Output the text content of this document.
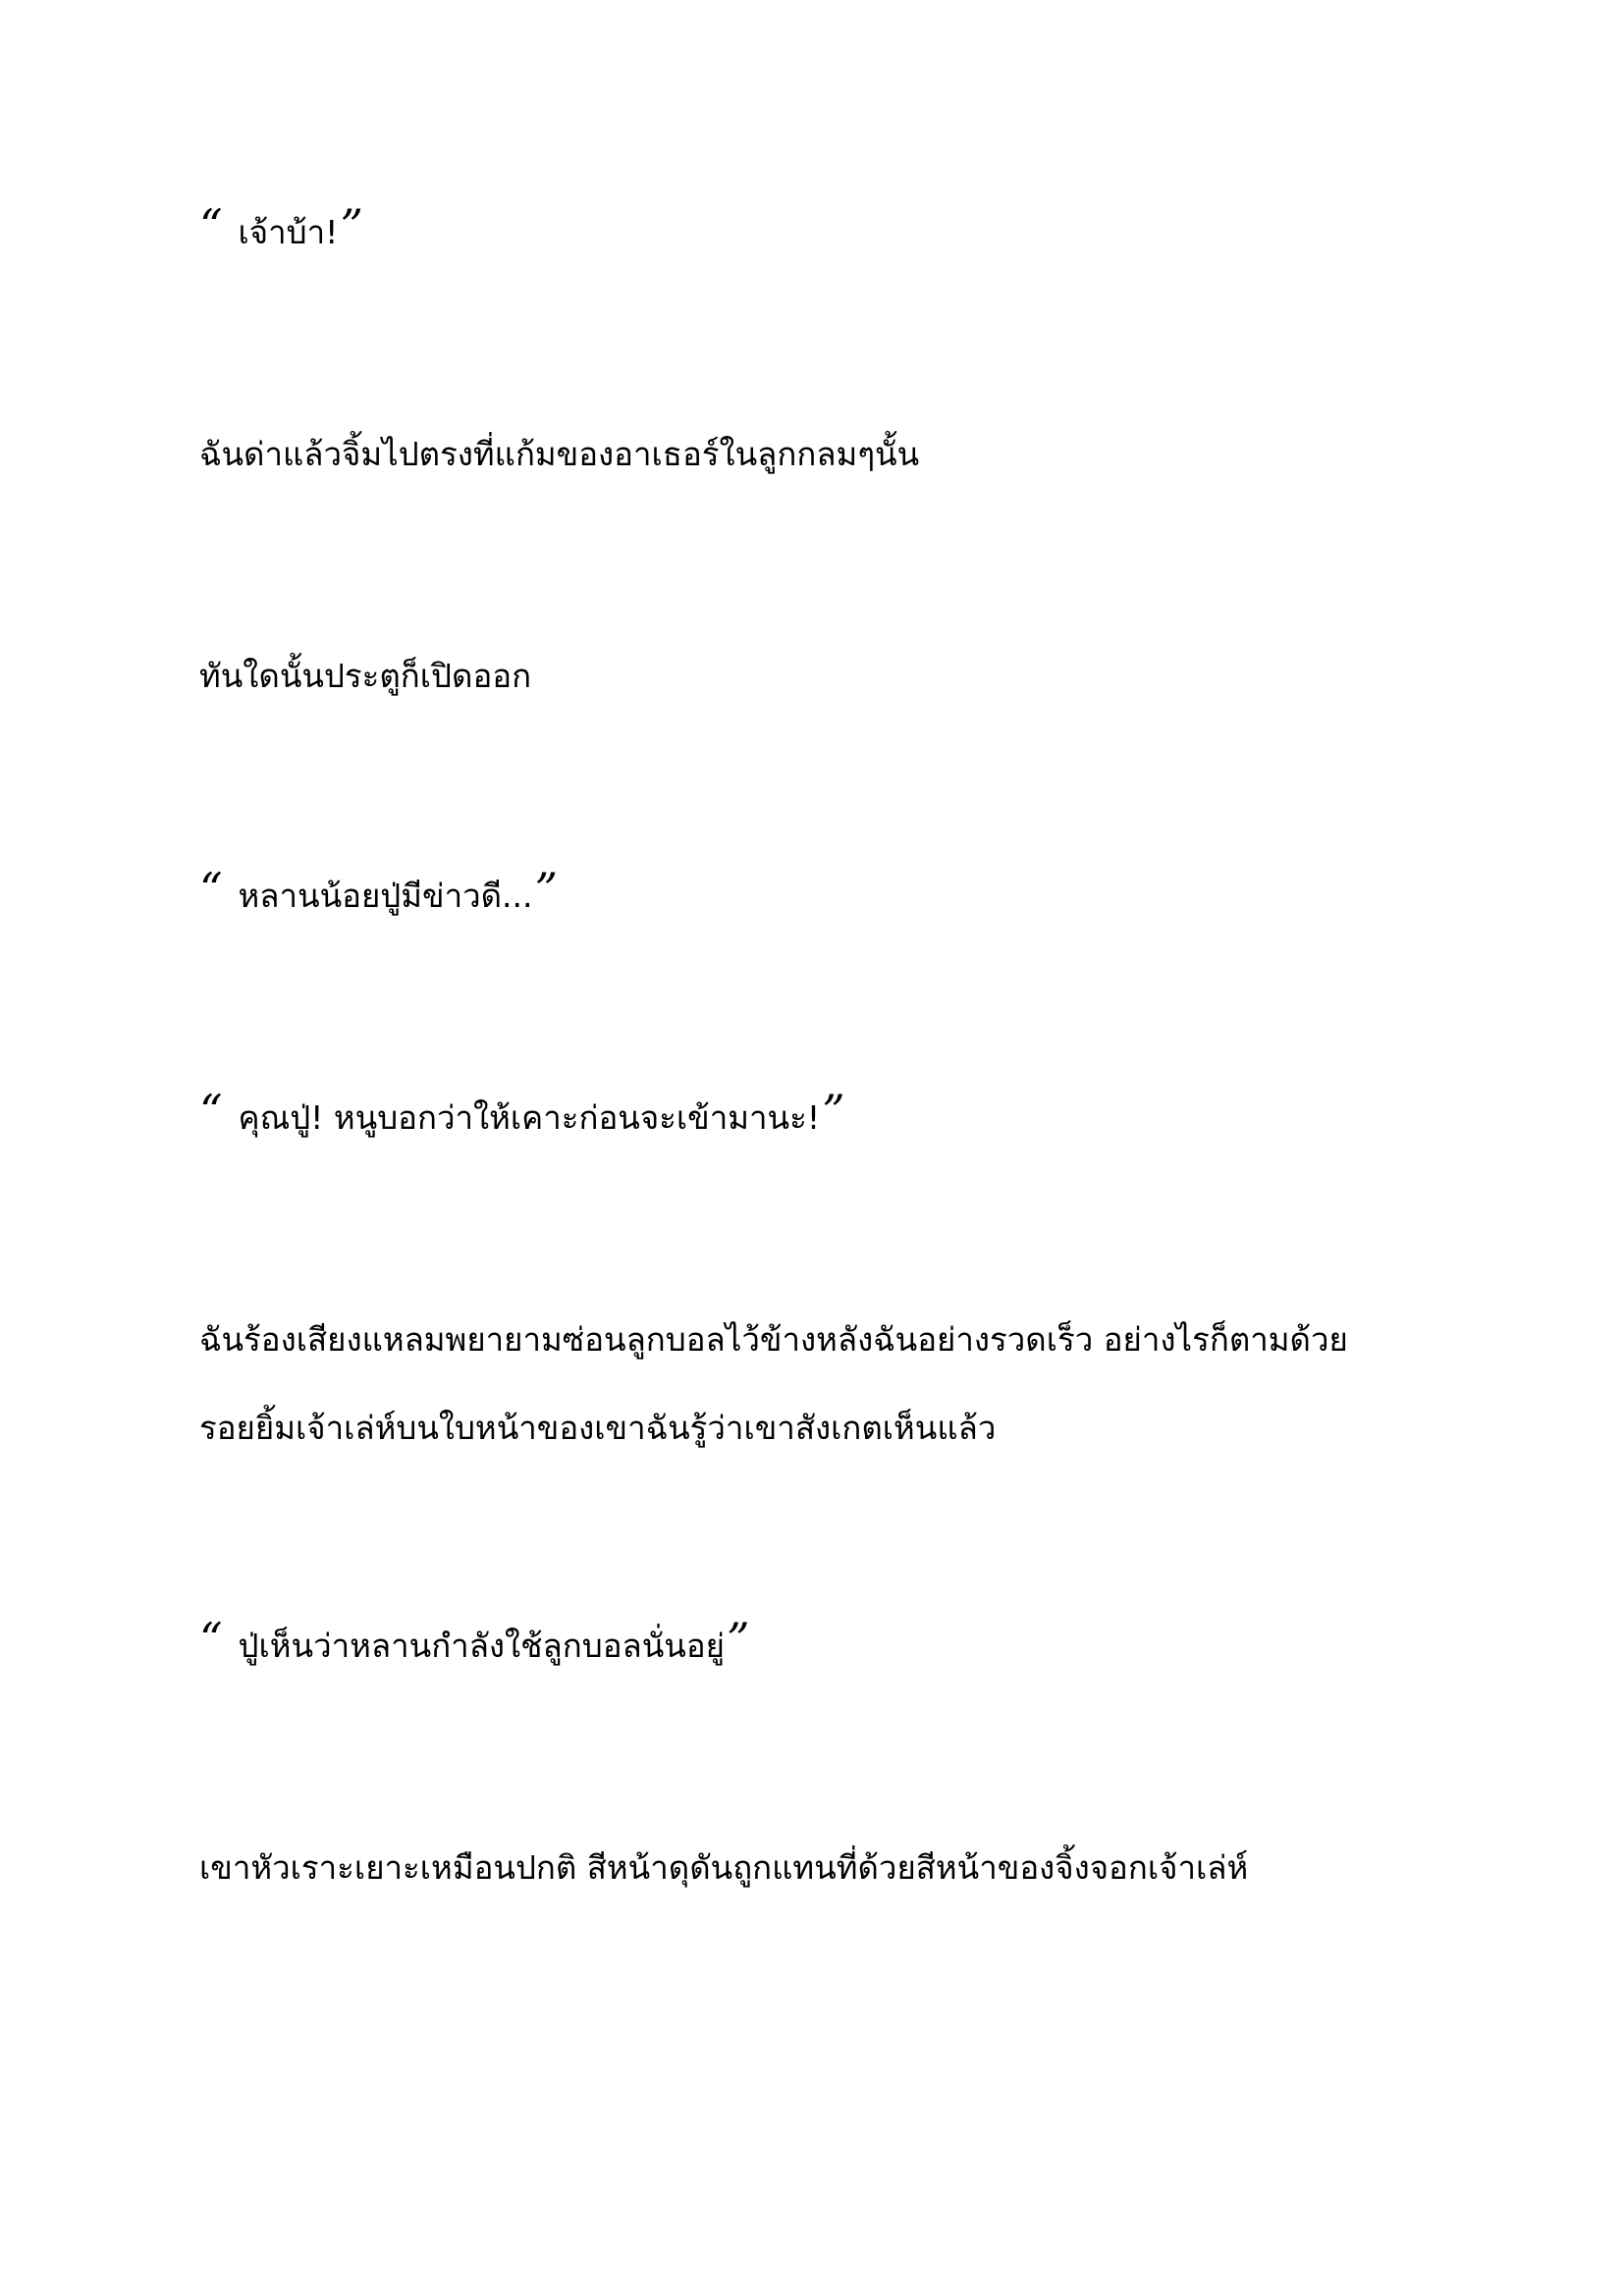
“ เจ้าบ้า!”

ฉันด่าแล้วจิ้มไปตรงที่แก้มของอาเธอร์ในลูกกลมๆนั้น

ทันใดนั้นประตูก็เปิดออก

“ หลานน้อยปู่มีข่าวดี...”

“ คุณปู่! หนูบอกว่าให้เคาะก่อนจะเข้ามานะ!”

ฉันร้องเสียงแหลมพยายามซ่อนลูกบอลไว้ข้างหลังฉันอย่างรวดเร็ว อย่างไรก็ตามด้วย
รอยยิ้มเจ้าเล่ห์บนใบหน้าของเขาฉันรู้ว่าเขาสังเกตเห็นแล้ว

“ ปู่เห็นว่าหลานกำลังใช้ลูกบอลนั่นอยู่”

เขาหัวเราะเยาะเหมือนปกติ สีหน้าดุดันถูกแทนที่ด้วยสีหน้าของจิ้งจอกเจ้าเล่ห์
